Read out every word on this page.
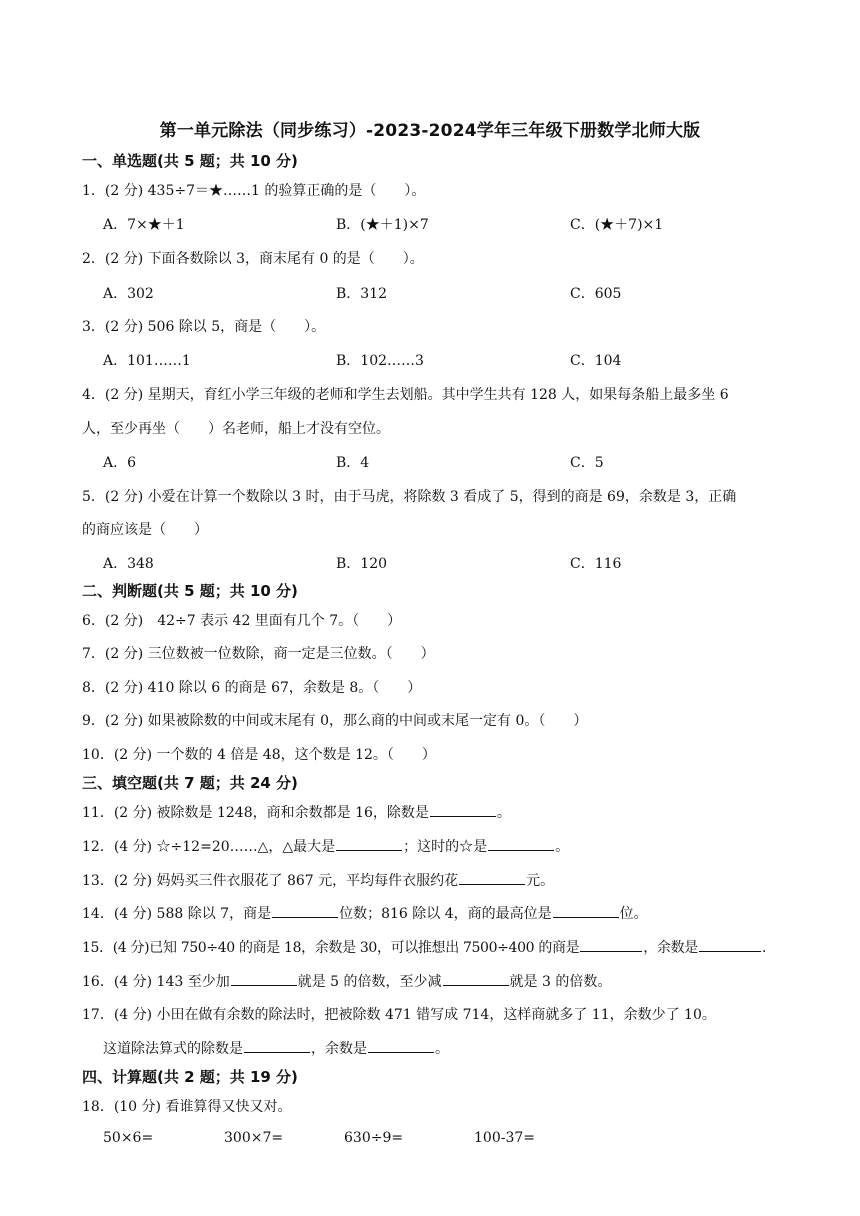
第一单元除法（同步练习）-2023-2024学年三年级下册数学北师大版
一、单选题(共 5 题；共 10 分)
1．(2 分) 435÷7＝★……1 的验算正确的是（　　）。
A．7×★＋1	B．(★＋1)×7	C．(★＋7)×1
2．(2 分) 下面各数除以 3，商末尾有 0 的是（　　）。
A．302	B．312	C．605
3．(2 分) 506 除以 5，商是（　　）。
A．101……1	B．102……3	C．104
4．(2 分) 星期天，育红小学三年级的老师和学生去划船。其中学生共有 128 人，如果每条船上最多坐 6
人，至少再坐（　　）名老师，船上才没有空位。
A．6	B．4	C．5
5．(2 分) 小爱在计算一个数除以 3 时，由于马虎，将除数 3 看成了 5，得到的商是 69，余数是 3，正确
的商应该是（　　）
A．348	B．120	C．116
二、判断题(共 5 题；共 10 分)
6．(2 分)　42÷7 表示 42 里面有几个 7。（　　）
7．(2 分) 三位数被一位数除，商一定是三位数。（　　）
8．(2 分) 410 除以 6 的商是 67，余数是 8。（　　）
9．(2 分) 如果被除数的中间或末尾有 0，那么商的中间或末尾一定有 0。（　　）
10．(2 分) 一个数的 4 倍是 48，这个数是 12。（　　）
三、填空题(共 7 题；共 24 分)
11．(2 分) 被除数是 1248，商和余数都是 16，除数是	。
12．(4 分) ☆÷12=20……△，△最大是	；这时的☆是	。
13．(2 分) 妈妈买三件衣服花了 867 元，平均每件衣服约花	元。
14．(4 分) 588 除以 7，商是	位数；816 除以 4，商的最高位是	位。
15．(4 分)已知 750÷40 的商是 18，余数是 30，可以推想出 7500÷400 的商是	，余数是	.
16．(4 分) 143 至少加	就是 5 的倍数，至少减	就是 3 的倍数。
17．(4 分) 小田在做有余数的除法时，把被除数 471 错写成 714，这样商就多了 11，余数少了 10。
这道除法算式的除数是	，余数是	。
四、计算题(共 2 题；共 19 分)
18．(10 分) 看谁算得又快又对。
50×6=	300×7=	630÷9=	100-37=
